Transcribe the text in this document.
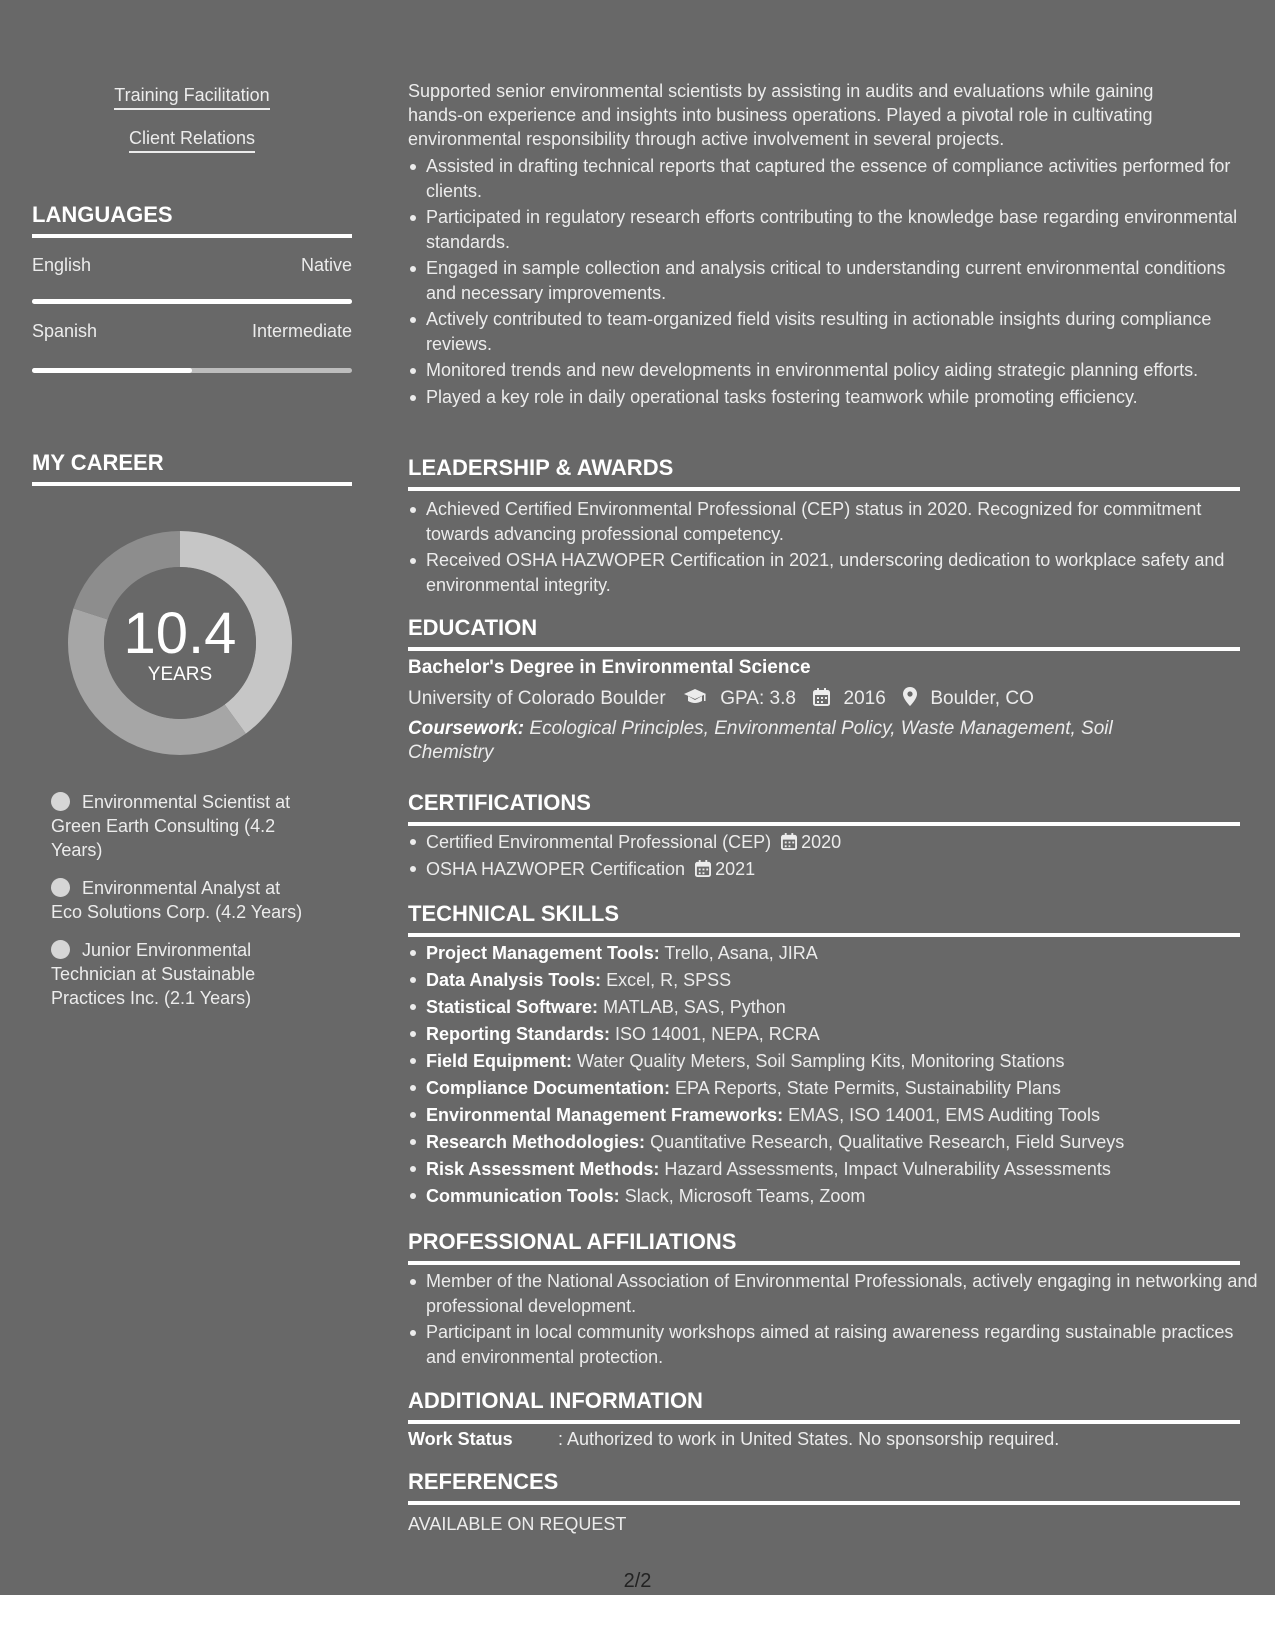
Training Facilitation
Client Relations
LANGUAGES
English	Native
Spanish	Intermediate
MY CAREER
10.4
YEARS
Environmental Scientist at Green Earth Consulting (4.2 Years)
Environmental Analyst at Eco Solutions Corp. (4.2 Years)
Junior Environmental Technician at Sustainable Practices Inc. (2.1 Years)
Supported senior environmental scientists by assisting in audits and evaluations while gaining hands-on experience and insights into business operations. Played a pivotal role in cultivating environmental responsibility through active involvement in several projects.
Assisted in drafting technical reports that captured the essence of compliance activities performed for clients.
Participated in regulatory research efforts contributing to the knowledge base regarding environmental standards.
Engaged in sample collection and analysis critical to understanding current environmental conditions and necessary improvements.
Actively contributed to team-organized field visits resulting in actionable insights during compliance reviews.
Monitored trends and new developments in environmental policy aiding strategic planning efforts.
Played a key role in daily operational tasks fostering teamwork while promoting efficiency.
LEADERSHIP & AWARDS
Achieved Certified Environmental Professional (CEP) status in 2020. Recognized for commitment towards advancing professional competency.
Received OSHA HAZWOPER Certification in 2021, underscoring dedication to workplace safety and environmental integrity.
EDUCATION
Bachelor's Degree in Environmental Science
University of Colorado Boulder	GPA: 3.8	2016 Boulder, CO
Coursework: Ecological Principles, Environmental Policy, Waste Management, Soil Chemistry
CERTIFICATIONS
Certified Environmental Professional (CEP) 2020
OSHA HAZWOPER Certification 2021
TECHNICAL SKILLS
Project Management Tools: Trello, Asana, JIRA
Data Analysis Tools: Excel, R, SPSS
Statistical Software: MATLAB, SAS, Python
Reporting Standards: ISO 14001, NEPA, RCRA
Field Equipment: Water Quality Meters, Soil Sampling Kits, Monitoring Stations
Compliance Documentation: EPA Reports, State Permits, Sustainability Plans
Environmental Management Frameworks: EMAS, ISO 14001, EMS Auditing Tools
Research Methodologies: Quantitative Research, Qualitative Research, Field Surveys
Risk Assessment Methods: Hazard Assessments, Impact Vulnerability Assessments
Communication Tools: Slack, Microsoft Teams, Zoom
PROFESSIONAL AFFILIATIONS
Member of the National Association of Environmental Professionals, actively engaging in networking and professional development.
Participant in local community workshops aimed at raising awareness regarding sustainable practices and environmental protection.
ADDITIONAL INFORMATION
Work Status	: Authorized to work in United States. No sponsorship required.
REFERENCES
AVAILABLE ON REQUEST
2/2
